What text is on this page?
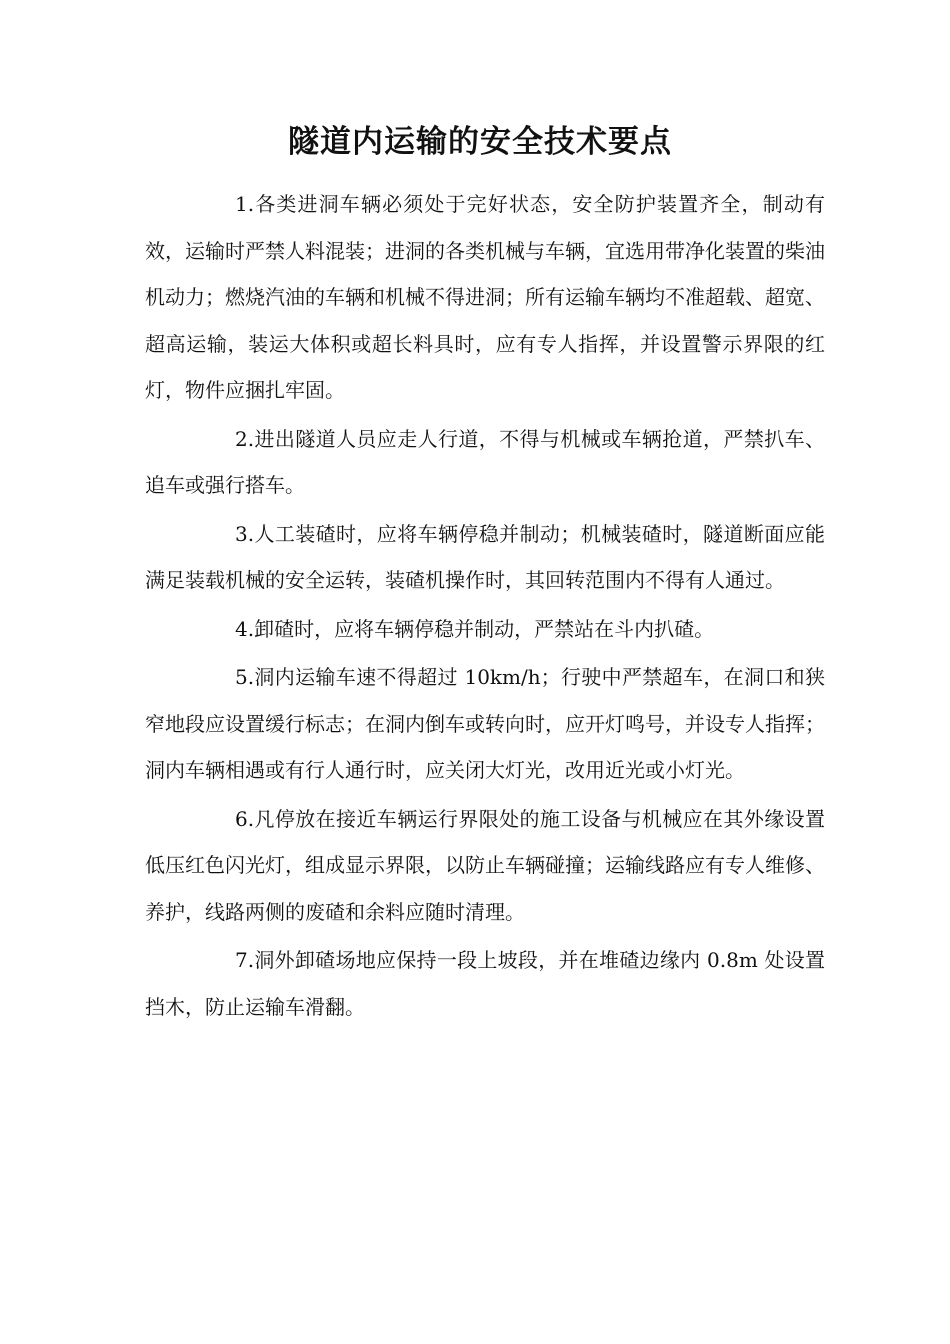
隧道内运输的安全技术要点

1.各类进洞车辆必须处于完好状态，安全防护装置齐全，制动有效，运输时严禁人料混装；进洞的各类机械与车辆，宜选用带净化装置的柴油机动力；燃烧汽油的车辆和机械不得进洞；所有运输车辆均不准超载、超宽、超高运输，装运大体积或超长料具时，应有专人指挥，并设置警示界限的红灯，物件应捆扎牢固。

2.进出隧道人员应走人行道，不得与机械或车辆抢道，严禁扒车、追车或强行搭车。

3.人工装碴时，应将车辆停稳并制动；机械装碴时，隧道断面应能满足装载机械的安全运转，装碴机操作时，其回转范围内不得有人通过。

4.卸碴时，应将车辆停稳并制动，严禁站在斗内扒碴。

5.洞内运输车速不得超过 10km/h；行驶中严禁超车，在洞口和狭窄地段应设置缓行标志；在洞内倒车或转向时，应开灯鸣号，并设专人指挥；洞内车辆相遇或有行人通行时，应关闭大灯光，改用近光或小灯光。

6.凡停放在接近车辆运行界限处的施工设备与机械应在其外缘设置低压红色闪光灯，组成显示界限，以防止车辆碰撞；运输线路应有专人维修、养护，线路两侧的废碴和余料应随时清理。

7.洞外卸碴场地应保持一段上坡段，并在堆碴边缘内 0.8m 处设置挡木，防止运输车滑翻。
